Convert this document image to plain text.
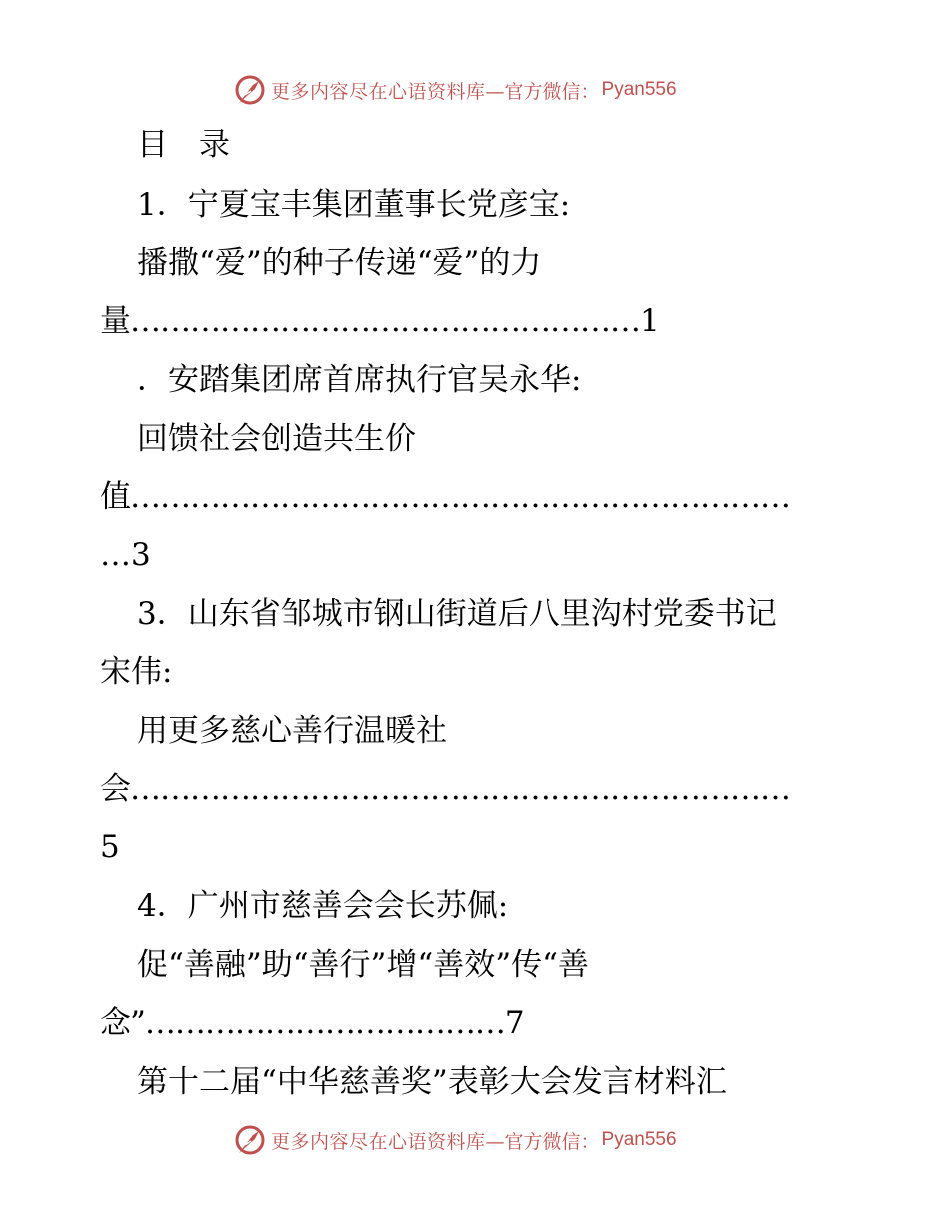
更多内容尽在心语资料库 —官方微信： Pyan556
目　录
1．宁夏宝丰集团董事长党彦宝:
播撒“爱”的种子传递“爱”的力
量……………………………………………1
．安踏集团席首席执行官吴永华:
回馈社会创造共生价
值…………………………………………………………
…3
3．山东省邹城市钢山街道后八里沟村党委书记
宋伟:
用更多慈心善行温暖社
会…………………………………………………………
5
4．广州市慈善会会长苏佩:
促“善融”助“善行”增“善效”传“善
念”………………………………7
第十二届“中华慈善奖”表彰大会发言材料汇
更多内容尽在心语资料库 —官方微信： Pyan556
